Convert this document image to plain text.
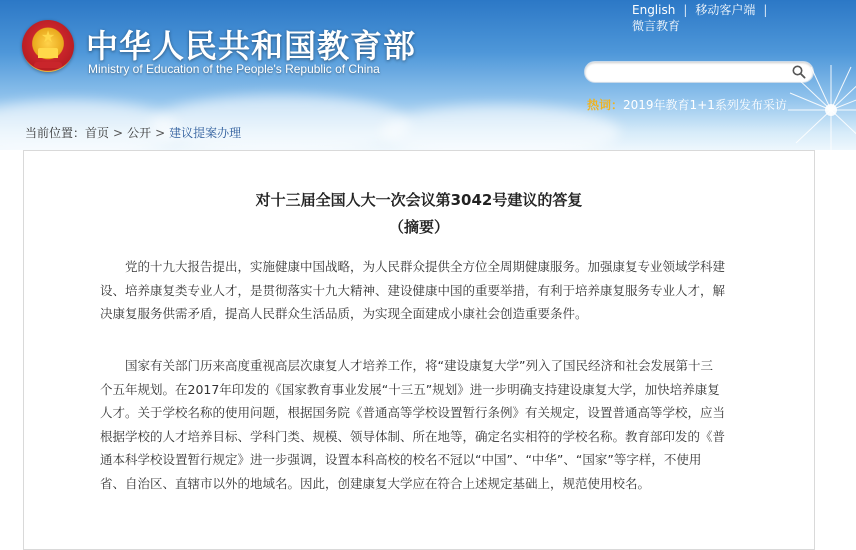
★ 中华人民共和国教育部
Ministry of Education of the People's Republic of China
English | 移动客户端 |
微言教育
热词：2019年教育1+1系列发布采访
当前位置：首页 > 公开 > 建议提案办理
对十三届全国人大一次会议第3042号建议的答复
（摘要）

党的十九大报告提出，实施健康中国战略，为人民群众提供全方位全周期健康服务。加强康复专业领域学科建
设、培养康复类专业人才，是贯彻落实十九大精神、建设健康中国的重要举措，有利于培养康复服务专业人才，解
决康复服务供需矛盾，提高人民群众生活品质，为实现全面建成小康社会创造重要条件。

国家有关部门历来高度重视高层次康复人才培养工作，将“建设康复大学”列入了国民经济和社会发展第十三
个五年规划。在2017年印发的《国家教育事业发展“十三五”规划》进一步明确支持建设康复大学，加快培养康复
人才。关于学校名称的使用问题，根据国务院《普通高等学校设置暂行条例》有关规定，设置普通高等学校，应当
根据学校的人才培养目标、学科门类、规模、领导体制、所在地等，确定名实相符的学校名称。教育部印发的《普
通本科学校设置暂行规定》进一步强调，设置本科高校的校名不冠以“中国”、“中华”、“国家”等字样，不使用
省、自治区、直辖市以外的地域名。因此，创建康复大学应在符合上述规定基础上，规范使用校名。
